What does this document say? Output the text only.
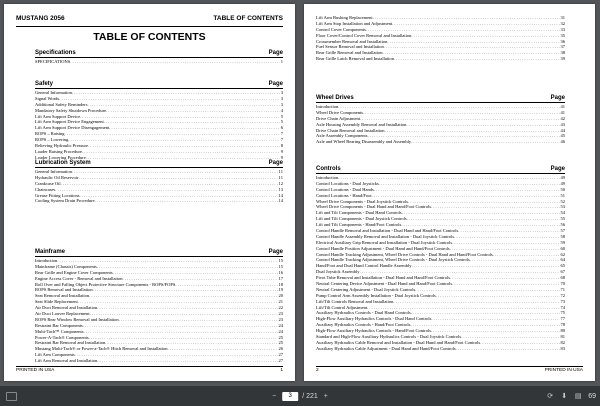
MUSTANG 2056	TABLE OF CONTENTS
TABLE OF CONTENTS
Specifications	Page
SPECIFICATIONS . . .	1
Safety	Page
General Information . . .	3
Signal Words . . .	3
Additional Safety Reminders . . .	3
Mandatory Safety Shutdown Procedure . . .	4
Lift Arm Support Device . . .	5
Lift Arm Support Device Engagement . . .	5
Lift Arm Support Device Disengagement . . .	6
ROPS – Raising . . .	7
ROPS – Lowering . . .	7
Relieving Hydraulic Pressure . . .	8
Loader Raising Procedure . . .	9
Loader Lowering Procedure . . .	9
Lubrication System	Page
General Information . . .	11
Hydraulic Oil Reservoir . . .	11
Crankcase Oil . . .	12
Chaincases . . .	13
Grease Fitting Locations . . .	14
Cooling System Drain Procedure . . .	14
Mainframe	Page
Introduction . . .	15
Mainframe (Chassis) Components . . .	15
Rear Grille and Engine Cover Components . . .	16
Engine Access Cover - Removal and Installation . . .	17
Roll Over and Falling Object Protective Structure Components - ROPS/FOPS . . .	18
ROPS Removal and Installation . . .	19
Seat Removal and Installation . . .	20
Seat Slide Replacement . . .	21
Air Duct Removal and Installation . . .	22
Air Duct Louver Replacement . . .	23
ROPS Rear Window Removal and Installation . . .	23
Restraint Bar Components . . .	24
Multi-Tach™ Components . . .	24
Power-A-Tach® Components . . .	25
Restraint Bar Removal and Installation . . .	25
Mustang Multi-Tach® or Power-a-Tach® Hitch Removal and Installation . . .	26
Lift Arm Components . . .	27
Lift Arm Removal and Installation . . .	27
PRINTED IN USA	1
Lift Arm Bushing Replacement . . .	31
Lift Arm Stop Installation and Adjustment . . .	32
Control Cover Components . . .	33
Floor Cover/Control Cover Removal and Installation . . .	35
Crossmember Removal and Installation . . .	36
Fuel Sensor Removal and Installation . . .	37
Rear Grille Removal and Installation . . .	38
Rear Grille Latch Removal and Installation . . .	39
Wheel Drives	Page
Introduction . . .	41
Wheel Drive Components . . .	41
Drive Chain Adjustment . . .	42
Axle Housing Assembly Removal and Installation . . .	43
Drive Chain Removal and Installation . . .	44
Axle Assembly Components . . .	45
Axle and Wheel Bearing Disassembly and Assembly . . .	46
Controls	Page
Introduction . . .	49
Control Locations - Dual Joysticks . . .	49
Control Locations - Dual Hands . . .	50
Control Locations - Hand/Foot . . .	51
Wheel Drive Components - Dual Joystick Controls . . .	52
Wheel Drive Components - Dual Hand and Hand/Foot Controls . . .	53
Lift and Tilt Components - Dual Hand Controls . . .	54
Lift and Tilt Components - Dual Joystick Controls . . .	55
Lift and Tilt Components - Hand/Foot Controls . . .	56
Control Handle Removal and Installation - Dual Hand and Hand/Foot Controls . . .	57
Control Handle Assembly Removal and Installation - Dual Joystick Controls . . .	58
Electrical Auxiliary Grip Removal and Installation - Dual Joystick Controls . . .	59
Control Handle Position Adjustment - Dual Hand and Hand/Foot Controls . . .	60
Control Handle Tracking Adjustment, Wheel Drive Controls - Dual Hand and Hand/Foot Controls . . .	62
Control Handle Tracking Adjustment, Wheel Drive Controls - Dual Joystick Controls . . .	64
Hand/Foot and Dual Hand Control Handle Assembly . . .	65
Dual Joystick Assembly . . .	67
Pivot Tube Removal and Installation - Dual Hand and Hand/Foot Controls . . .	68
Neutral Centering Device Adjustment - Dual Hand and Hand/Foot Controls . . .	70
Neutral Centering Adjustment - Dual Joystick Controls . . .	71
Pump Control Arm Assembly Installation - Dual Joystick Controls . . .	72
Lift/Tilt Controls Removal and Installation . . .	73
Lift/Tilt Control Adjustment . . .	74
Auxiliary Hydraulics Controls - Dual Hand Controls . . .	75
High-Flow Auxiliary Hydraulics Controls - Dual Hand Controls . . .	77
Auxiliary Hydraulics Controls - Hand/Foot Controls . . .	78
High-Flow Auxiliary Hydraulics Controls - Hand/Foot Controls . . .	80
Standard and High-Flow Auxiliary Hydraulics Controls - Dual Joystick Controls . . .	81
Auxiliary Hydraulics Cable Removal and Installation - Dual Hand and Hand/Foot Controls . . .	82
Auxiliary Hydraulics Cable Adjustment - Dual Hand and Hand/Foot Controls . . .	83
2	PRINTED IN USA
−	3	/ 221 +	⟳ ⬇ ▤ 69
